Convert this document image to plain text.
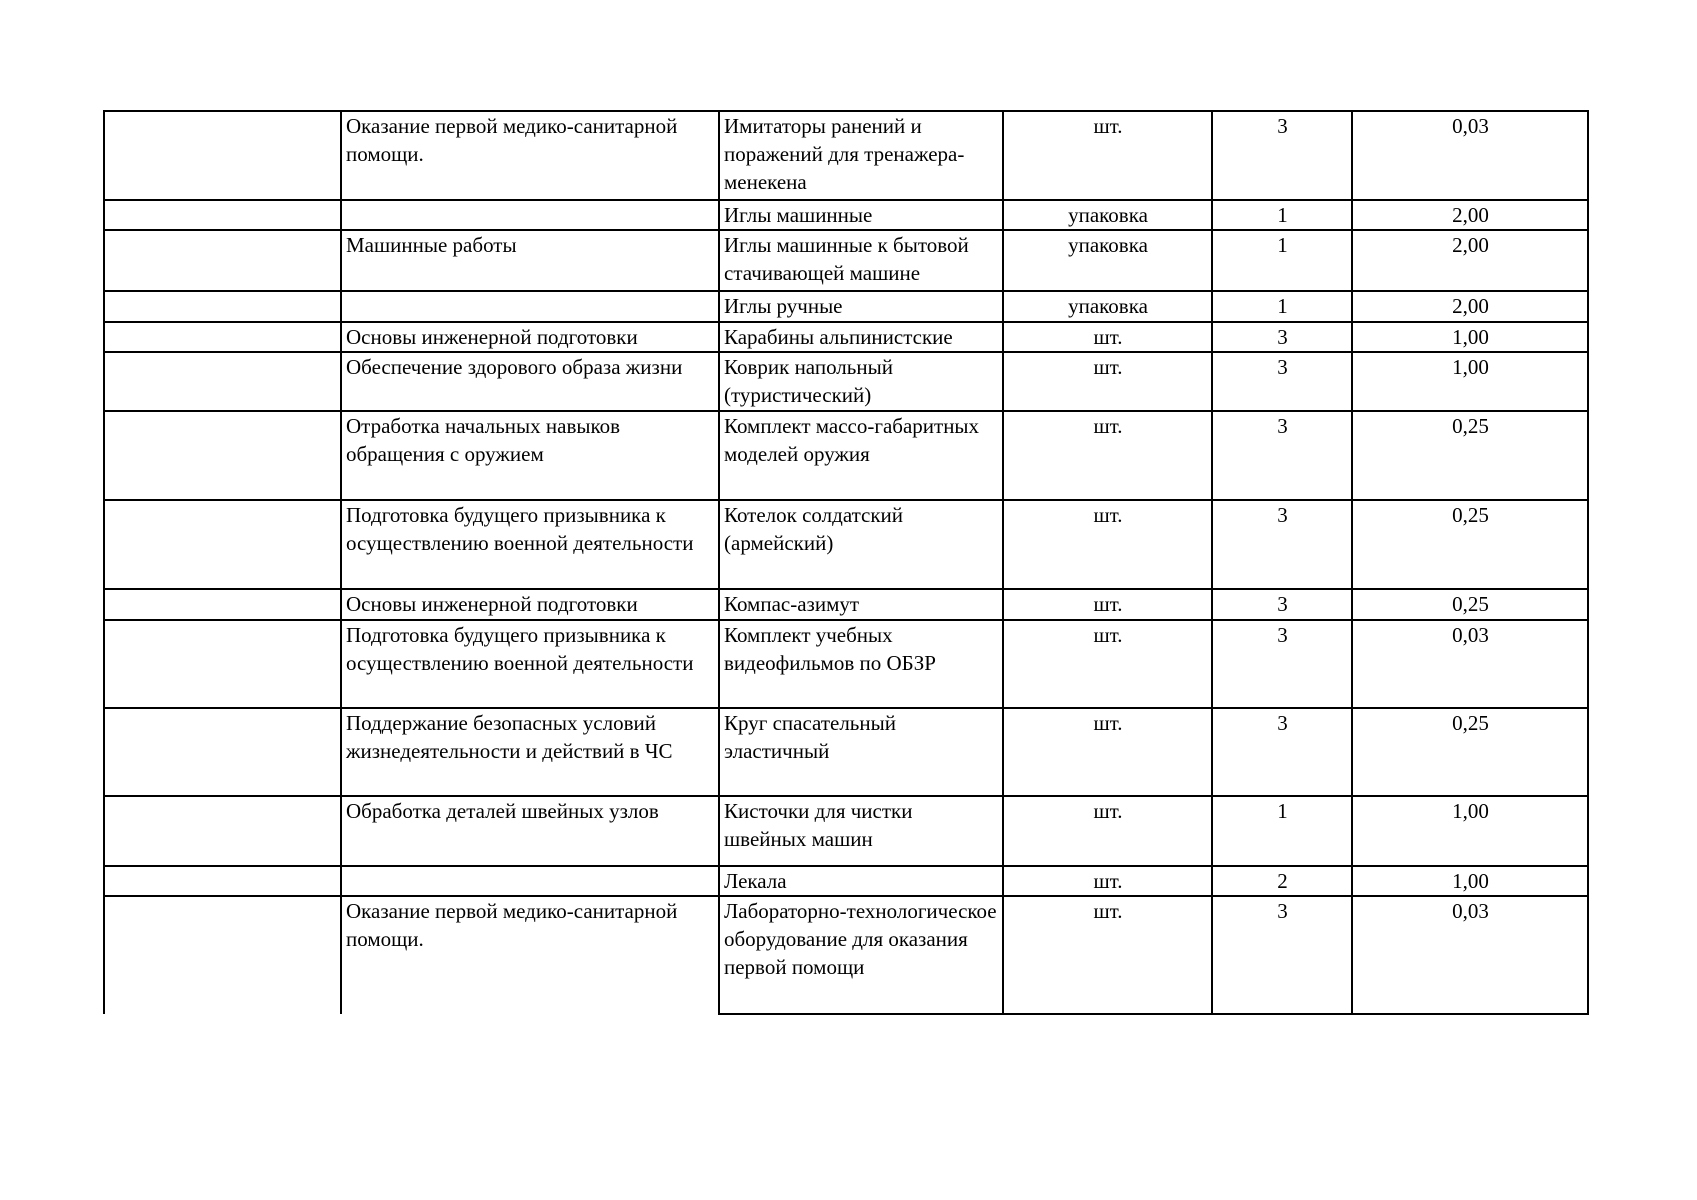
	Оказание первой медико-санитарной помощи.	Имитаторы ранений и поражений для тренажера-менекена	шт.	3	0,03
		Иглы машинные	упаковка	1	2,00
	Машинные работы	Иглы машинные к бытовой стачивающей машине	упаковка	1	2,00
		Иглы ручные	упаковка	1	2,00
	Основы инженерной подготовки	Карабины альпинистские	шт.	3	1,00
	Обеспечение здорового образа жизни	Коврик напольный (туристический)	шт.	3	1,00
	Отработка начальных навыков обращения с оружием	Комплект массо-габаритных моделей оружия	шт.	3	0,25
	Подготовка будущего призывника к осуществлению военной деятельности	Котелок солдатский (армейский)	шт.	3	0,25
	Основы инженерной подготовки	Компас-азимут	шт.	3	0,25
	Подготовка будущего призывника к осуществлению военной деятельности	Комплект учебных видеофильмов по ОБЗР	шт.	3	0,03
	Поддержание безопасных условий жизнедеятельности и действий в ЧС	Круг спасательный эластичный	шт.	3	0,25
	Обработка деталей швейных узлов	Кисточки для чистки швейных машин	шт.	1	1,00
		Лекала	шт.	2	1,00
	Оказание первой медико-санитарной помощи.	Лабораторно-технологическое оборудование для оказания первой помощи	шт.	3	0,03
